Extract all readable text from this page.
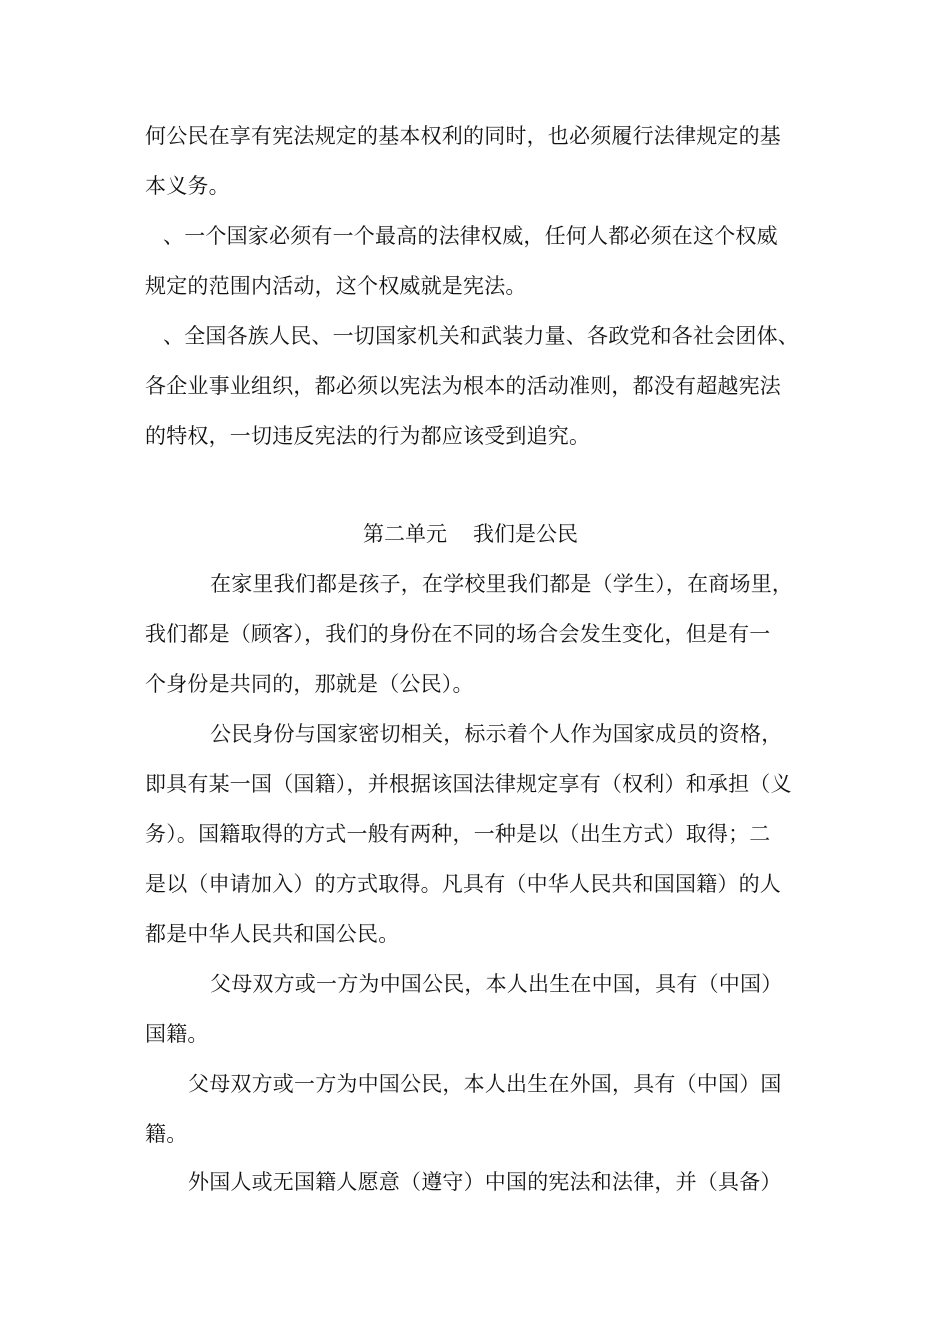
何公民在享有宪法规定的基本权利的同时，也必须履行法律规定的基
本义务。
、一个国家必须有一个最高的法律权威，任何人都必须在这个权威
规定的范围内活动，这个权威就是宪法。
、全国各族人民、一切国家机关和武装力量、各政党和各社会团体、
各企业事业组织，都必须以宪法为根本的活动准则，都没有超越宪法
的特权，一切违反宪法的行为都应该受到追究。
第二单元 我们是公民
在家里我们都是孩子，在学校里我们都是（学生），在商场里，
我们都是（顾客），我们的身份在不同的场合会发生变化，但是有一
个身份是共同的，那就是（公民）。
公民身份与国家密切相关，标示着个人作为国家成员的资格，
即具有某一国（国籍），并根据该国法律规定享有（权利）和承担（义
务）。国籍取得的方式一般有两种，一种是以（出生方式）取得；二
是以（申请加入）的方式取得。凡具有（中华人民共和国国籍）的人
都是中华人民共和国公民。
父母双方或一方为中国公民，本人出生在中国，具有（中国）
国籍。
父母双方或一方为中国公民，本人出生在外国，具有（中国）国
籍。
外国人或无国籍人愿意（遵守）中国的宪法和法律，并（具备）
